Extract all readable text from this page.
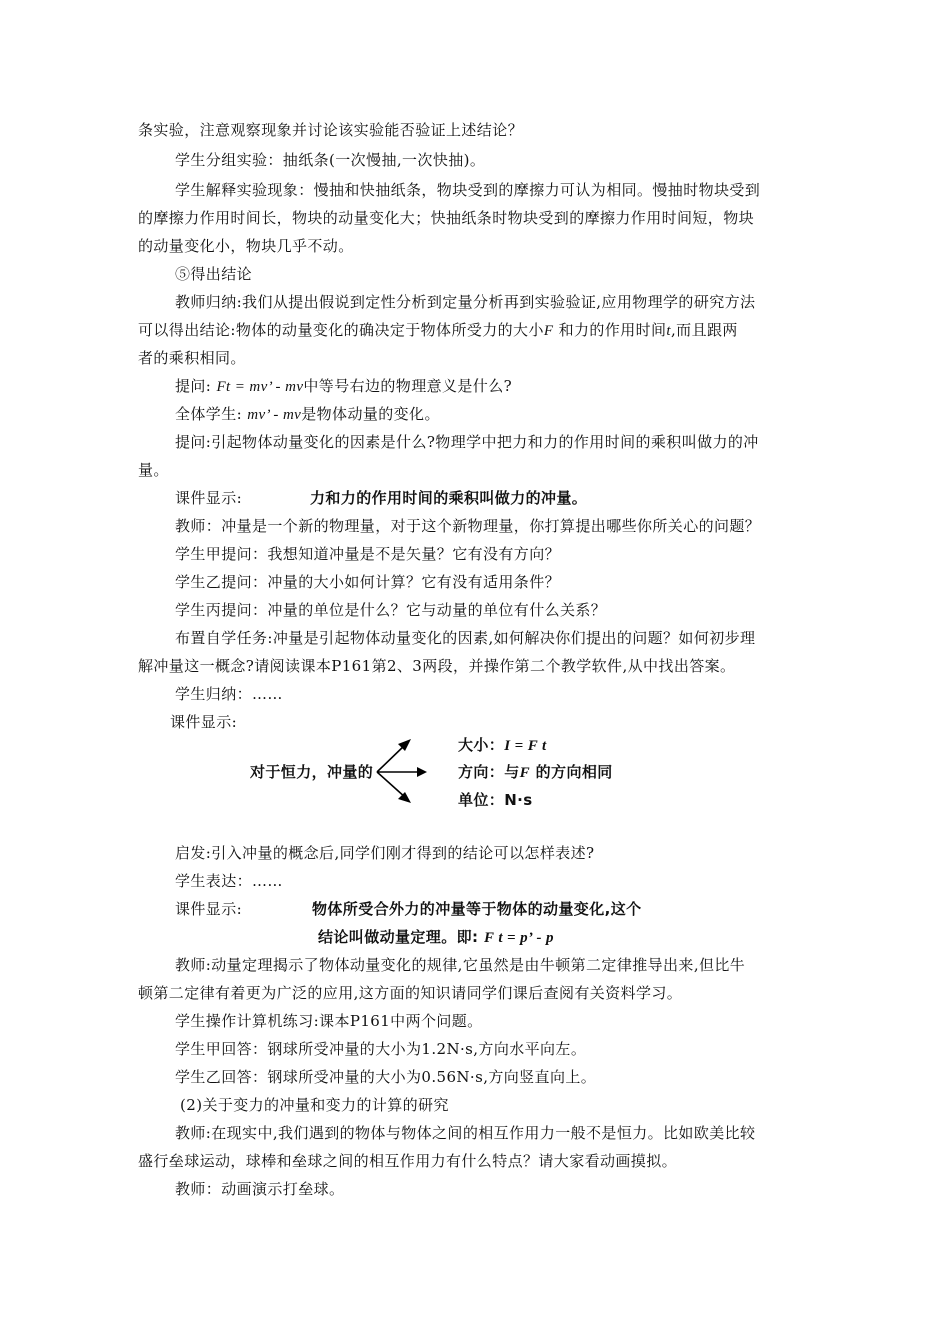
条实验，注意观察现象并讨论该实验能否验证上述结论？
学生分组实验：抽纸条(一次慢抽,一次快抽)。
学生解释实验现象：慢抽和快抽纸条，物块受到的摩擦力可认为相同。慢抽时物块受到
的摩擦力作用时间长，物块的动量变化大；快抽纸条时物块受到的摩擦力作用时间短，物块
的动量变化小，物块几乎不动。
⑤得出结论
教师归纳:我们从提出假说到定性分析到定量分析再到实验验证,应用物理学的研究方法
可以得出结论:物体的动量变化的确决定于物体所受力的大小F 和力的作用时间t,而且跟两
者的乘积相同。
提问: Ft = mv’ - mv中等号右边的物理意义是什么?
全体学生: mv’ - mv是物体动量的变化。
提问:引起物体动量变化的因素是什么?物理学中把力和力的作用时间的乘积叫做力的冲
量。
课件显示:	力和力的作用时间的乘积叫做力的冲量。
教师：冲量是一个新的物理量，对于这个新物理量，你打算提出哪些你所关心的问题？
学生甲提问：我想知道冲量是不是矢量？它有没有方向？
学生乙提问：冲量的大小如何计算？它有没有适用条件？
学生丙提问：冲量的单位是什么？它与动量的单位有什么关系？
布置自学任务:冲量是引起物体动量变化的因素,如何解决你们提出的问题？如何初步理
解冲量这一概念?请阅读课本P161第2、3两段，并操作第二个教学软件,从中找出答案。
学生归纳：……
课件显示:
对于恒力，冲量的
大小：I = F t
方向：与F 的方向相同
单位：N·s
启发:引入冲量的概念后,同学们刚才得到的结论可以怎样表述?
学生表达：……
课件显示:	物体所受合外力的冲量等于物体的动量变化,这个
结论叫做动量定理。即: F t = p’ - p
教师:动量定理揭示了物体动量变化的规律,它虽然是由牛顿第二定律推导出来,但比牛
顿第二定律有着更为广泛的应用,这方面的知识请同学们课后查阅有关资料学习。
学生操作计算机练习:课本P161中两个问题。
学生甲回答：钢球所受冲量的大小为1.2N·s,方向水平向左。
学生乙回答：钢球所受冲量的大小为0.56N·s,方向竖直向上。
(2)关于变力的冲量和变力的计算的研究
教师:在现实中,我们遇到的物体与物体之间的相互作用力一般不是恒力。比如欧美比较
盛行垒球运动，球棒和垒球之间的相互作用力有什么特点？请大家看动画摸拟。
教师：动画演示打垒球。
